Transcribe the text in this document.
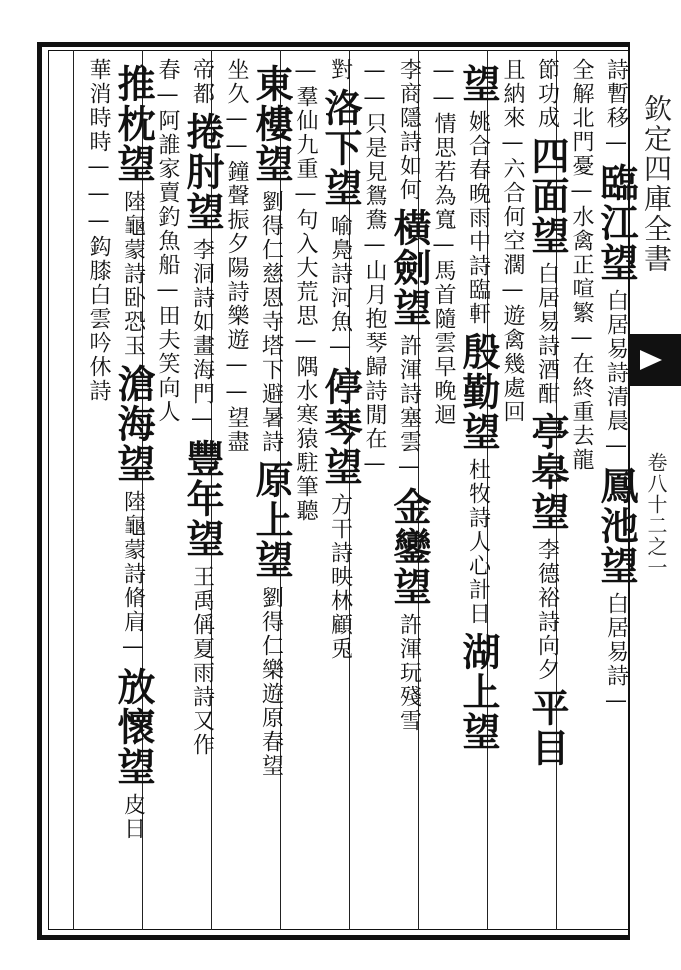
欽定四庫全書
卷八十二之一
詩暫移—
臨江望
白居易詩清晨—
鳳池望
白居易詩—
全解北門憂
—水禽正喧繁
—在終重去龍
節功成
四面望
白居易詩酒酣
亭皋望
李德裕詩向夕
平目
且納來
—六合何空濶
—遊禽幾處回
望
姚合春晚雨中詩臨軒
殷勤望
杜牧詩人心計日
湖上望
——情思若為寬
—馬首隨雲早晚迴
李商隱詩如何
橫劍望
許渾詩塞雲—
金鑾望
許渾玩殘雪
——只是見鴛鴦
—山月抱琴歸
詩閒在—
對
洛下望
喻鳧詩河魚—
停琴望
方干詩映林顧兎
—羣仙九重
—句入大荒思
—隅水寒猿駐筆聽
東樓望
劉得仁慈恩寺塔下避暑詩
原上望
劉得仁樂遊原春望
坐久—
—鐘聲振夕陽
詩樂遊—
—望盡
帝都
捲肘望
李洞詩如畫海門—
豐年望
王禹偁夏雨詩又作
春
—阿誰家賣釣魚船
—田夫笑向人
推枕望
陸龜蒙詩卧恐玉
滄海望
陸龜蒙詩脩肩—
放懷望
皮日
華消時時——
—鈎膝白雲吟
休詩
